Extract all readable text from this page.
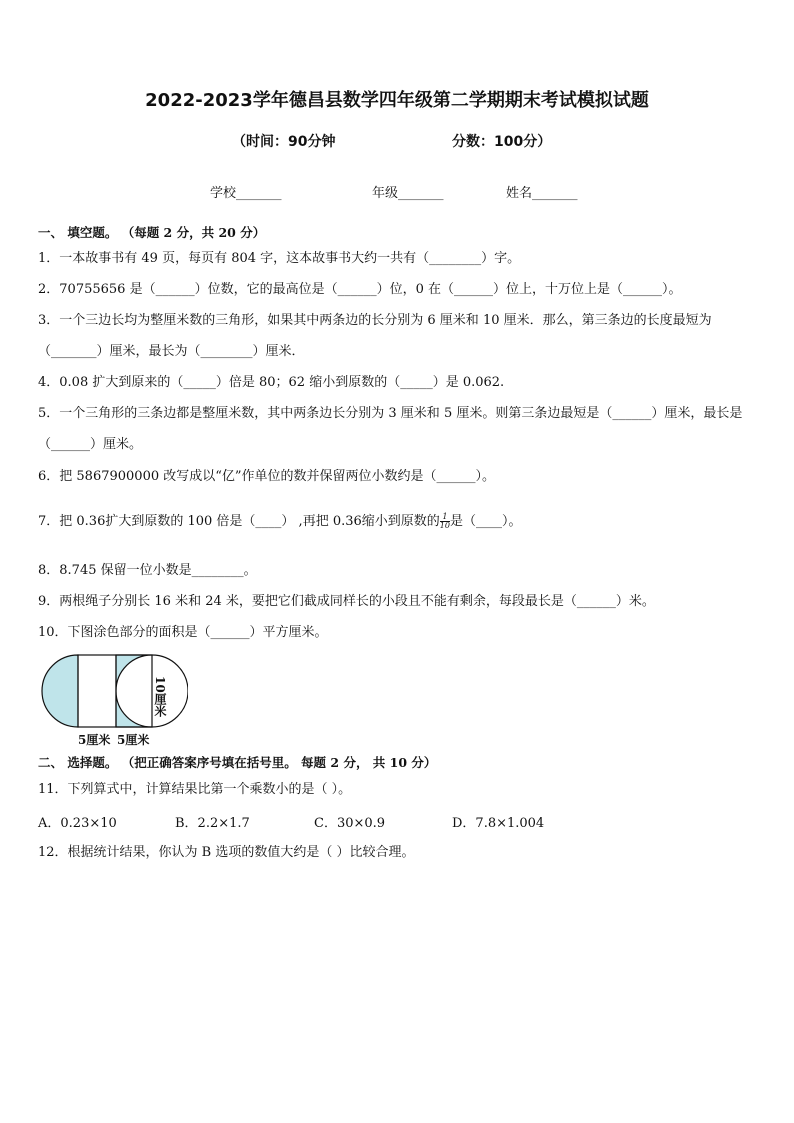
2022-2023学年德昌县数学四年级第二学期期末考试模拟试题
（时间：90分钟	分数：100分）
学校_______	年级_______	姓名_______
一、 填空题。 （每题 2 分，共 20 分）
1．一本故事书有 49 页，每页有 804 字，这本故事书大约一共有（________）字。
2．70755656 是（______）位数，它的最高位是（______）位，0 在（______）位上，十万位上是（______）。
3．一个三边长均为整厘米数的三角形，如果其中两条边的长分别为 6 厘米和 10 厘米．那么，第三条边的长度最短为（_______）厘米，最长为（________）厘米．
4．0.08 扩大到原来的（_____）倍是 80；62 缩小到原数的（_____）是 0.062.
5．一个三角形的三条边都是整厘米数，其中两条边长分别为 3 厘米和 5 厘米。则第三条边最短是（______）厘米，最长是（______）厘米。
6．把 5867900000 改写成以“亿”作单位的数并保留两位小数约是（______）。
7．把 0.36扩大到原数的 100 倍是（____） ,再把 0.36缩小到原数的 $\frac{1}{10}$ 是（____）。
8．8.745 保留一位小数是________。
9．两根绳子分别长 16 米和 24 米，要把它们截成同样长的小段且不能有剩余，每段最长是（______）米。
10．下图涂色部分的面积是（______）平方厘米。
5厘米 5厘米
10厘米
二、 选择题。 （把正确答案序号填在括号里。 每题 2 分， 共 10 分）
11．下列算式中，计算结果比第一个乘数小的是（ ）。
A．0.23×10	B．2.2×1.7	C．30×0.9	D．7.8×1.004
12．根据统计结果，你认为 B 选项的数值大约是（ ）比较合理。
